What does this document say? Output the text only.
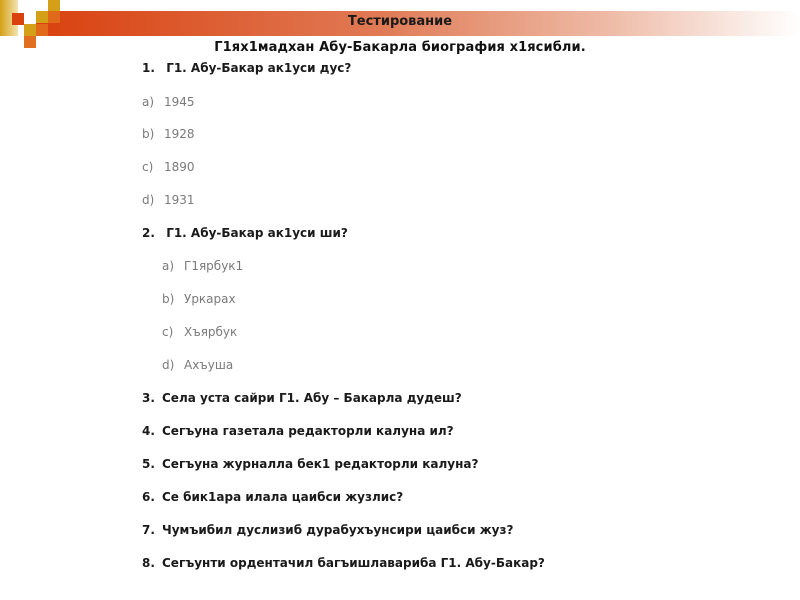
Тестирование
Г1ях1мадхан Абу-Бакарла биография х1ясибли.
1. Г1. Абу-Бакар ак1уси дус?
a) 1945
b) 1928
c) 1890
d) 1931
2. Г1. Абу-Бакар ак1уси ши?
a) Г1ярбук1
b) Уркарах
c) Хъярбук
d) Ахъуша
3. Села уста сайри Г1. Абу – Бакарла дудеш?
4. Сегъуна газетала редакторли калуна ил?
5. Сегъуна журналла бек1 редакторли калуна?
6. Се бик1ара илала цаибси жузлис?
7. Чумъибил дуслизиб дурабухъунсири цаибси жуз?
8. Сегъунти ордентачил багъишлавариба Г1. Абу-Бакар?
